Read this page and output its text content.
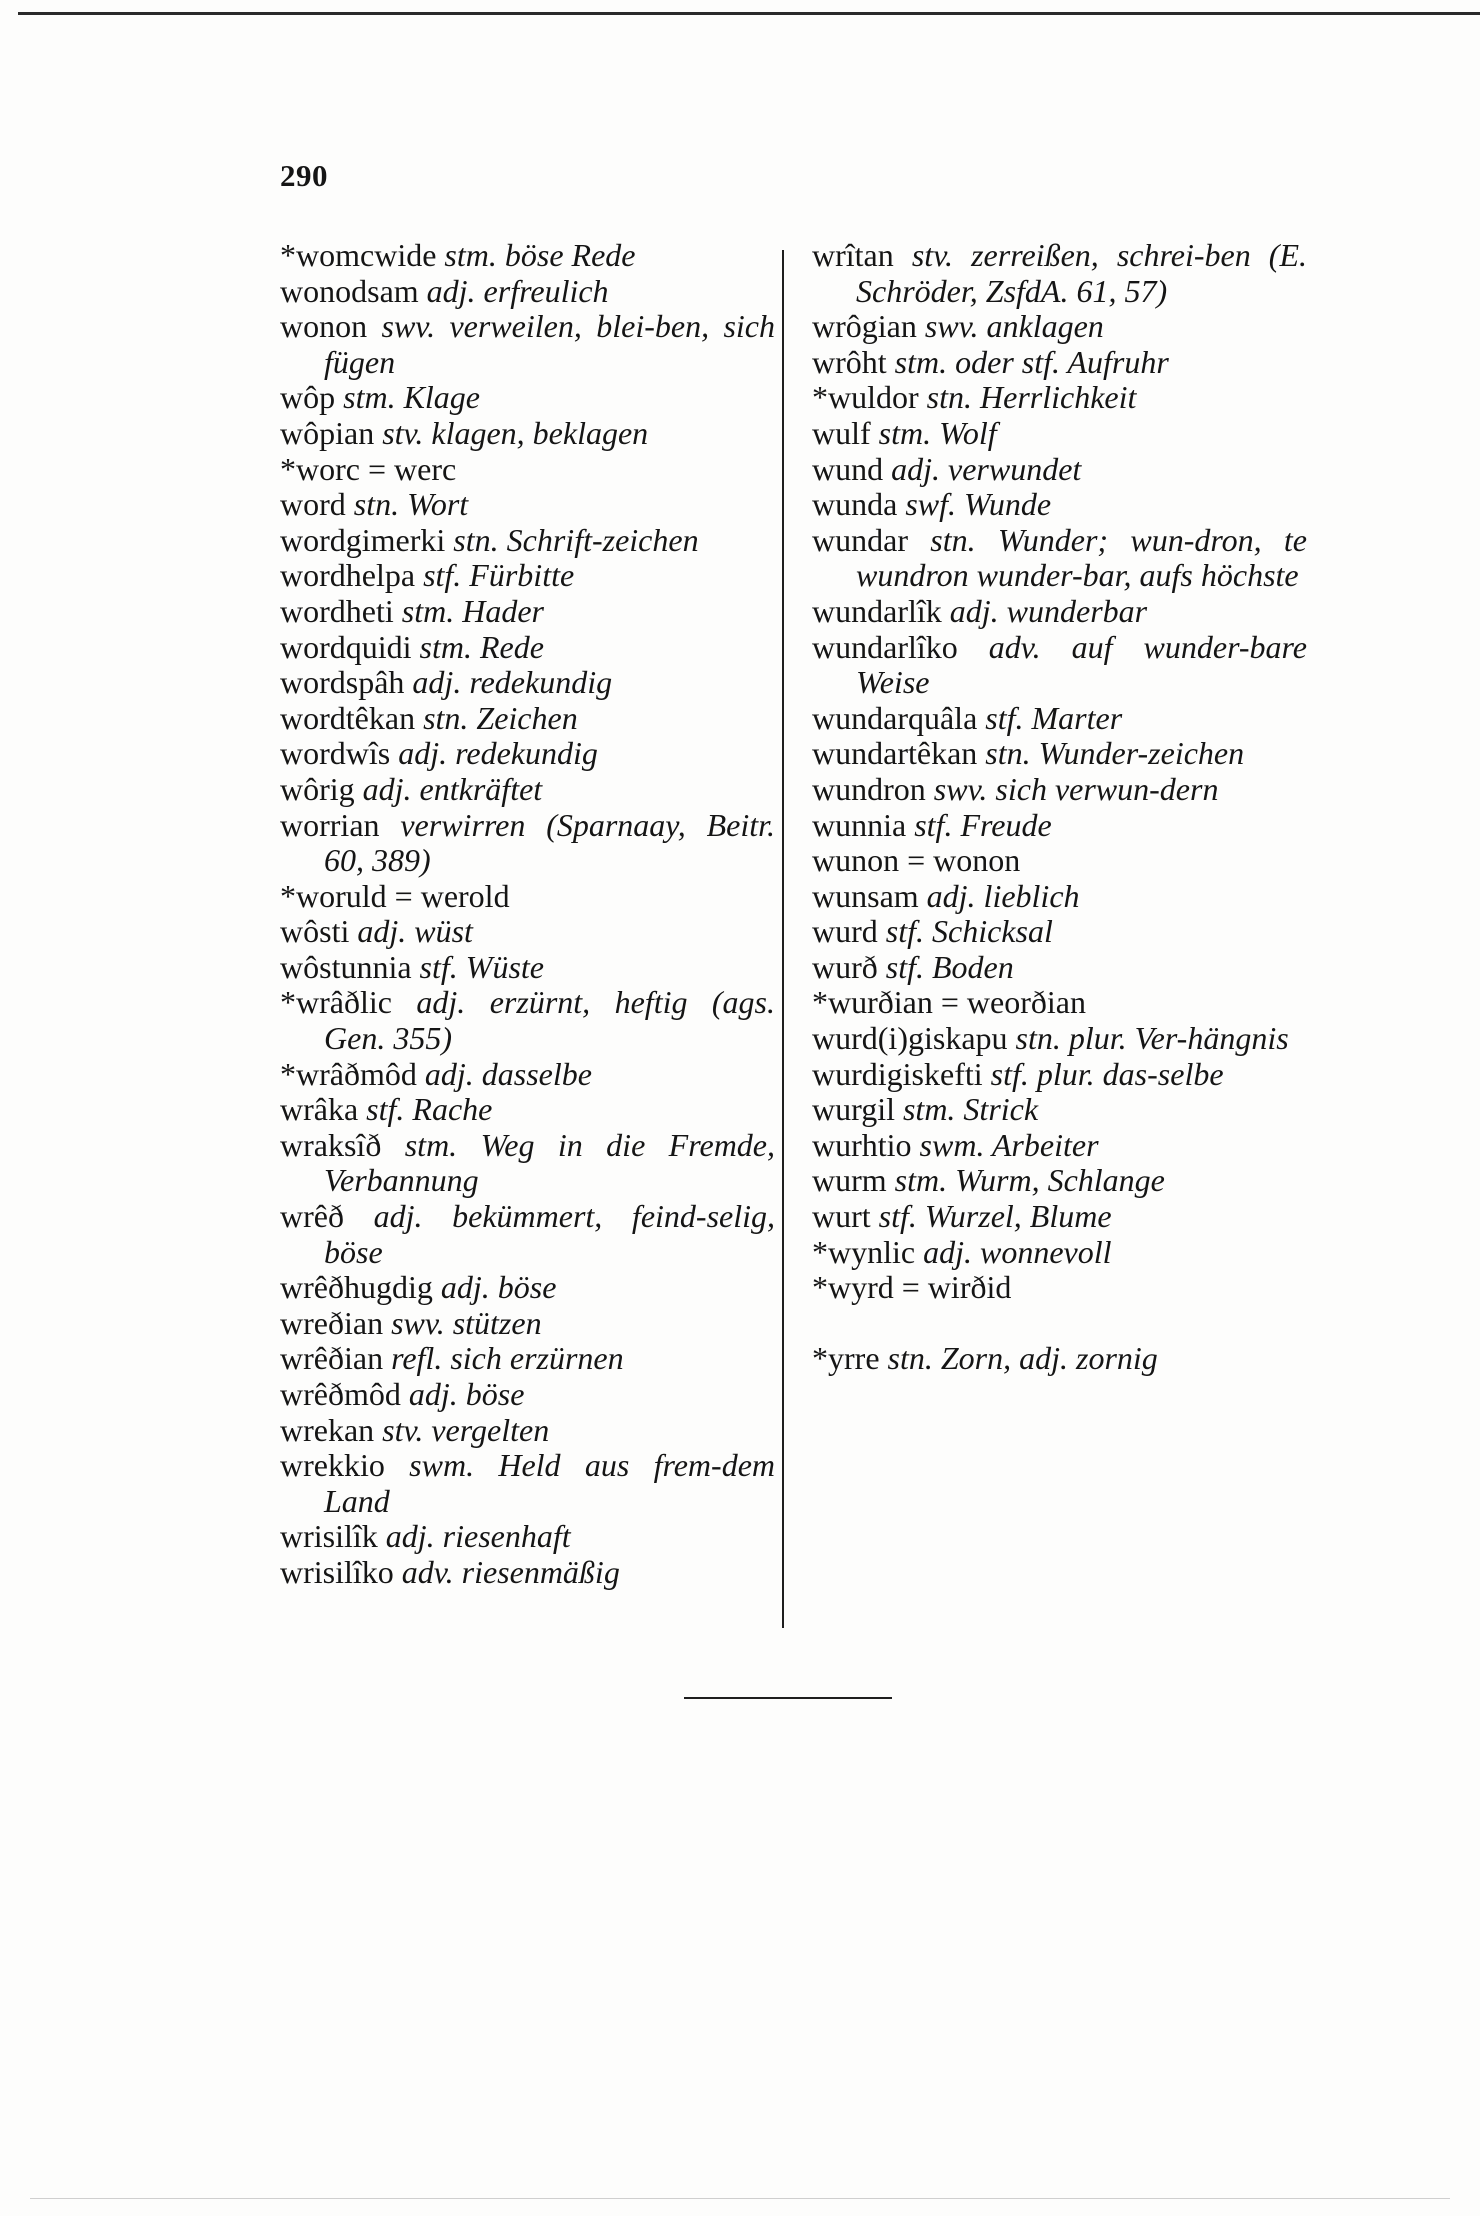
290

*womcwide stm. böse Rede

wonodsam adj. erfreulich

wonon swv. verweilen, blei-ben, sich fügen

wôp stm. Klage

wôpian stv. klagen, beklagen

*worc = werc

word stn. Wort

wordgimerki stn. Schrift-zeichen

wordhelpa stf. Fürbitte

wordheti stm. Hader

wordquidi stm. Rede

wordspâh adj. redekundig

wordtêkan stn. Zeichen

wordwîs adj. redekundig

wôrig adj. entkräftet

worrian verwirren (Sparnaay, Beitr. 60, 389)

*woruld = werold

wôsti adj. wüst

wôstunnia stf. Wüste

*wrâðlic adj. erzürnt, heftig (ags. Gen. 355)

*wrâðmôd adj. dasselbe

wrâka stf. Rache

wraksîð stm. Weg in die Fremde, Verbannung

wrêð adj. bekümmert, feind-selig, böse

wrêðhugdig adj. böse

wreðian swv. stützen

wrêðian refl. sich erzürnen

wrêðmôd adj. böse

wrekan stv. vergelten

wrekkio swm. Held aus frem-dem Land

wrisilîk adj. riesenhaft

wrisilîko adv. riesenmäßig

wrîtan stv. zerreißen, schrei-ben (E. Schröder, ZsfdA. 61, 57)

wrôgian swv. anklagen

wrôht stm. oder stf. Aufruhr

*wuldor stn. Herrlichkeit

wulf stm. Wolf

wund adj. verwundet

wunda swf. Wunde

wundar stn. Wunder; wun-dron, te wundron wunder-bar, aufs höchste

wundarlîk adj. wunderbar

wundarlîko adv. auf wunder-bare Weise

wundarquâla stf. Marter

wundartêkan stn. Wunder-zeichen

wundron swv. sich verwun-dern

wunnia stf. Freude

wunon = wonon

wunsam adj. lieblich

wurd stf. Schicksal

wurð stf. Boden

*wurðian = weorðian

wurd(i)giskapu stn. plur. Ver-hängnis

wurdigiskefti stf. plur. das-selbe

wurgil stm. Strick

wurhtio swm. Arbeiter

wurm stm. Wurm, Schlange

wurt stf. Wurzel, Blume

*wynlic adj. wonnevoll

*wyrd = wirðid

*yrre stn. Zorn, adj. zornig
